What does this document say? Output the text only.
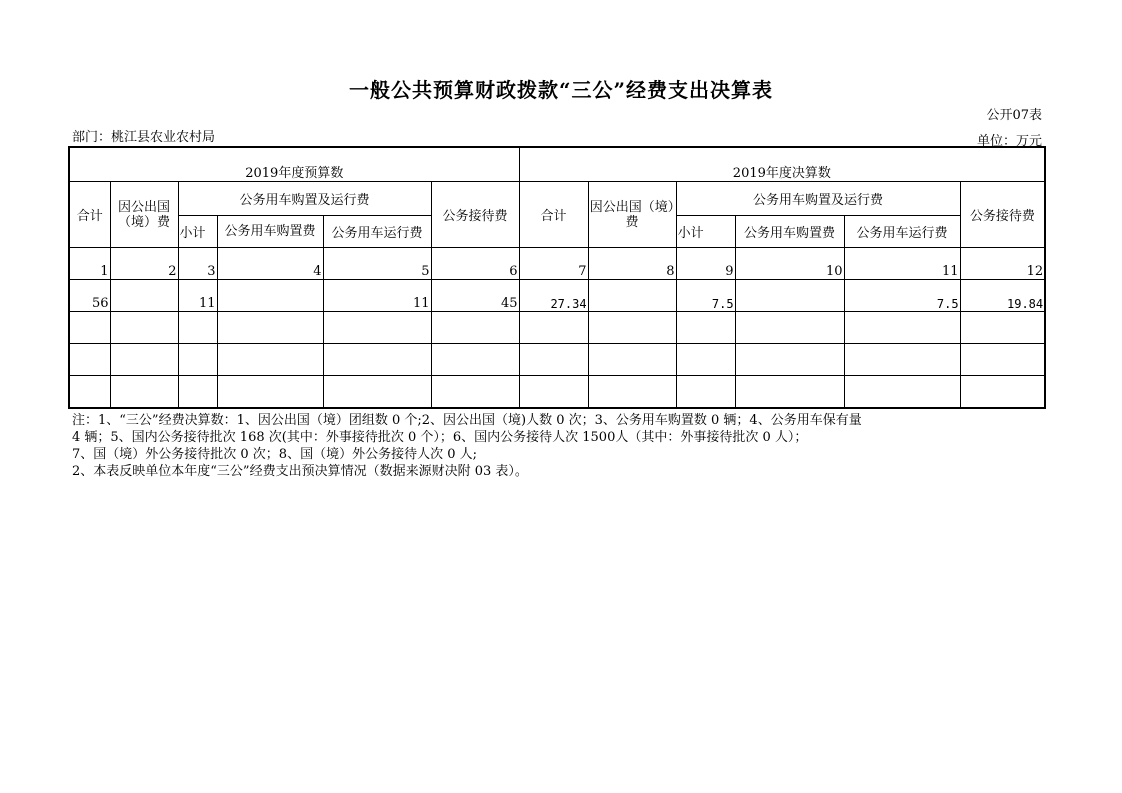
一般公共预算财政拨款“三公”经费支出决算表
公开07表
部门：桃江县农业农村局	单位：万元
2019年度预算数						2019年度决算数					
合计	因公出国（境）费	公务用车购置及运行费			公务接待费	合计	因公出国（境）费	公务用车购置及运行费			公务接待费
		小计	公务用车购置费	公务用车运行费				小计	公务用车购置费	公务用车运行费	
1	2	3	4	5	6	7	8	9	10	11	12
56		11		11	45	27.34		7.5		7.5	19.84

注：1、“三公”经费决算数：1、因公出国（境）团组数 0 个;2、因公出国（境)人数 0 次；3、公务用车购置数 0 辆；4、公务用车保有量
4 辆；5、国内公务接待批次 168 次(其中：外事接待批次 0 个）；6、国内公务接待人次 1500人（其中：外事接待批次 0 人）；
7、国（境）外公务接待批次 0 次；8、国（境）外公务接待人次 0 人;
2、本表反映单位本年度“三公”经费支出预决算情况（数据来源财决附 03 表）。
